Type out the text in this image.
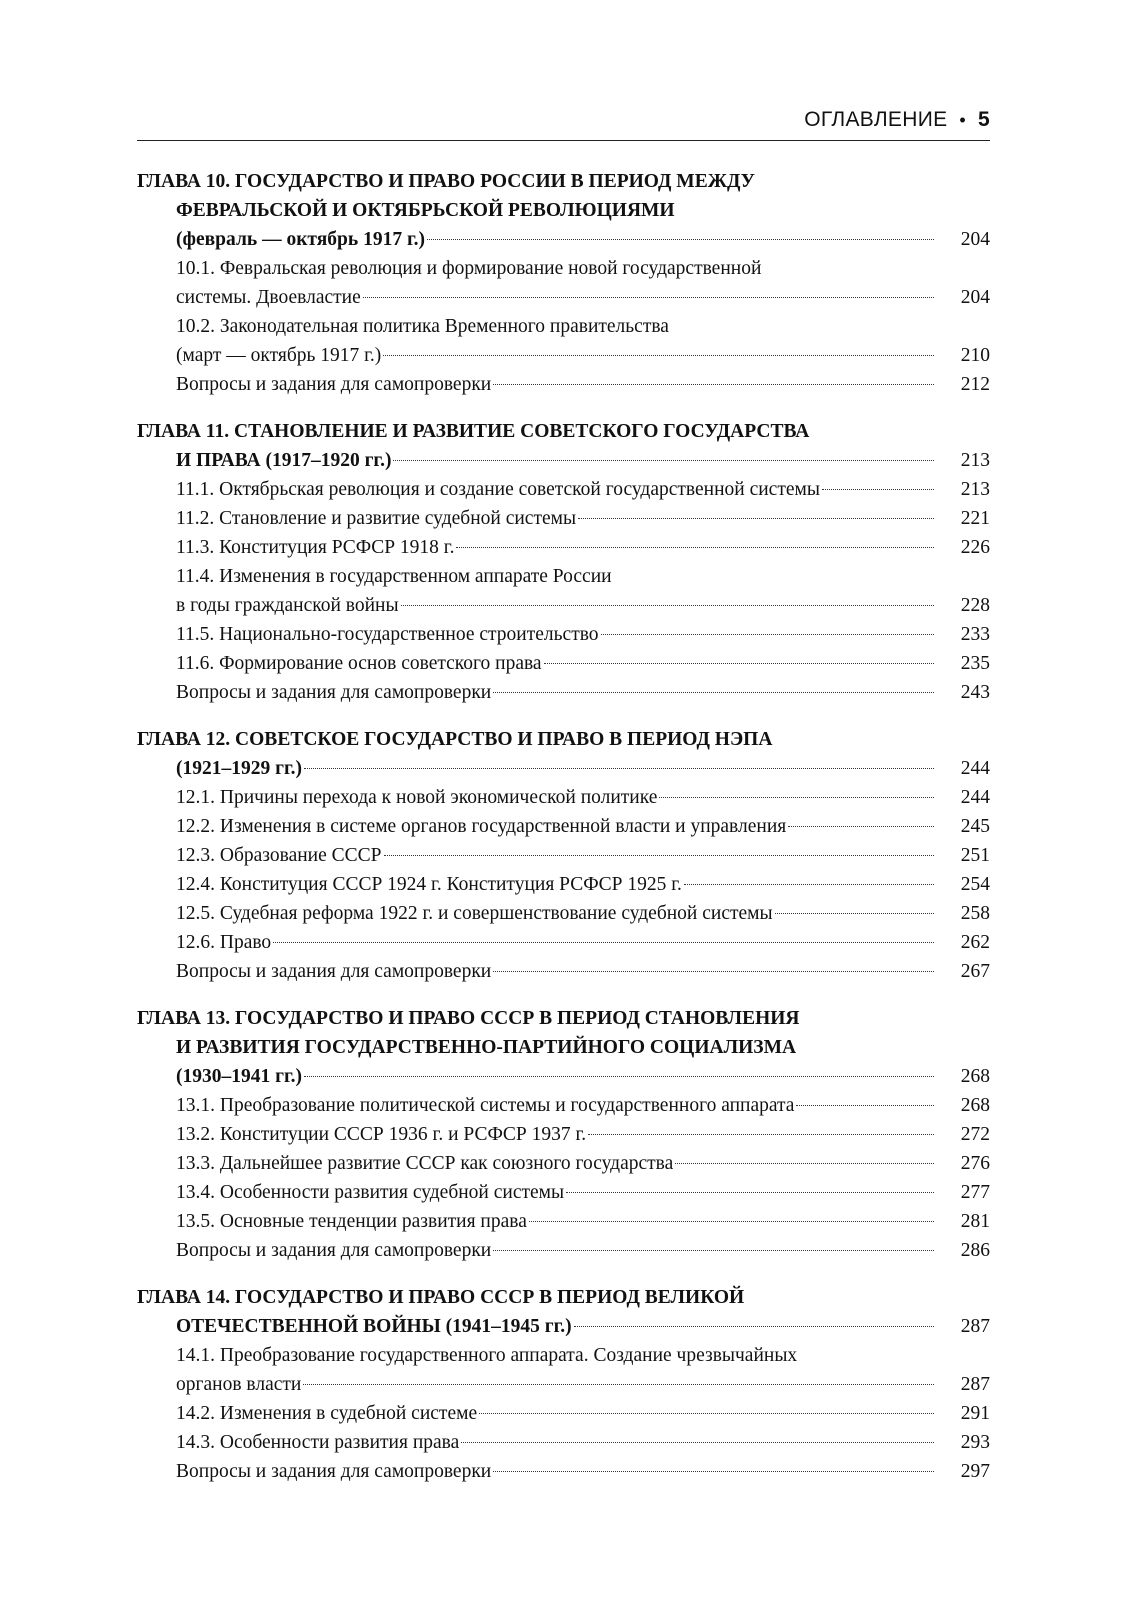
ОГЛАВЛЕНИЕ • 5
ГЛАВА 10. ГОСУДАРСТВО И ПРАВО РОССИИ В ПЕРИОД МЕЖДУ
ФЕВРАЛЬСКОЙ И ОКТЯБРЬСКОЙ РЕВОЛЮЦИЯМИ
(февраль — октябрь 1917 г.)	204
10.1. Февральская революция и формирование новой государственной
системы. Двоевластие	204
10.2. Законодательная политика Временного правительства
(март — октябрь 1917 г.)	210
Вопросы и задания для самопроверки	212
ГЛАВА 11. СТАНОВЛЕНИЕ И РАЗВИТИЕ СОВЕТСКОГО ГОСУДАРСТВА
И ПРАВА (1917–1920 гг.)	213
11.1. Октябрьская революция и создание советской государственной системы	213
11.2. Становление и развитие судебной системы	221
11.3. Конституция РСФСР 1918 г.	226
11.4. Изменения в государственном аппарате России
в годы гражданской войны	228
11.5. Национально-государственное строительство	233
11.6. Формирование основ советского права	235
Вопросы и задания для самопроверки	243
ГЛАВА 12. СОВЕТСКОЕ ГОСУДАРСТВО И ПРАВО В ПЕРИОД НЭПА
(1921–1929 гг.)	244
12.1. Причины перехода к новой экономической политике	244
12.2. Изменения в системе органов государственной власти и управления	245
12.3. Образование СССР	251
12.4. Конституция СССР 1924 г. Конституция РСФСР 1925 г.	254
12.5. Судебная реформа 1922 г. и совершенствование судебной системы	258
12.6. Право	262
Вопросы и задания для самопроверки	267
ГЛАВА 13. ГОСУДАРСТВО И ПРАВО СССР В ПЕРИОД СТАНОВЛЕНИЯ
И РАЗВИТИЯ ГОСУДАРСТВЕННО-ПАРТИЙНОГО СОЦИАЛИЗМА
(1930–1941 гг.)	268
13.1. Преобразование политической системы и государственного аппарата	268
13.2. Конституции СССР 1936 г. и РСФСР 1937 г.	272
13.3. Дальнейшее развитие СССР как союзного государства	276
13.4. Особенности развития судебной системы	277
13.5. Основные тенденции развития права	281
Вопросы и задания для самопроверки	286
ГЛАВА 14. ГОСУДАРСТВО И ПРАВО СССР В ПЕРИОД ВЕЛИКОЙ
ОТЕЧЕСТВЕННОЙ ВОЙНЫ (1941–1945 гг.)	287
14.1. Преобразование государственного аппарата. Создание чрезвычайных
органов власти	287
14.2. Изменения в судебной системе	291
14.3. Особенности развития права	293
Вопросы и задания для самопроверки	297
